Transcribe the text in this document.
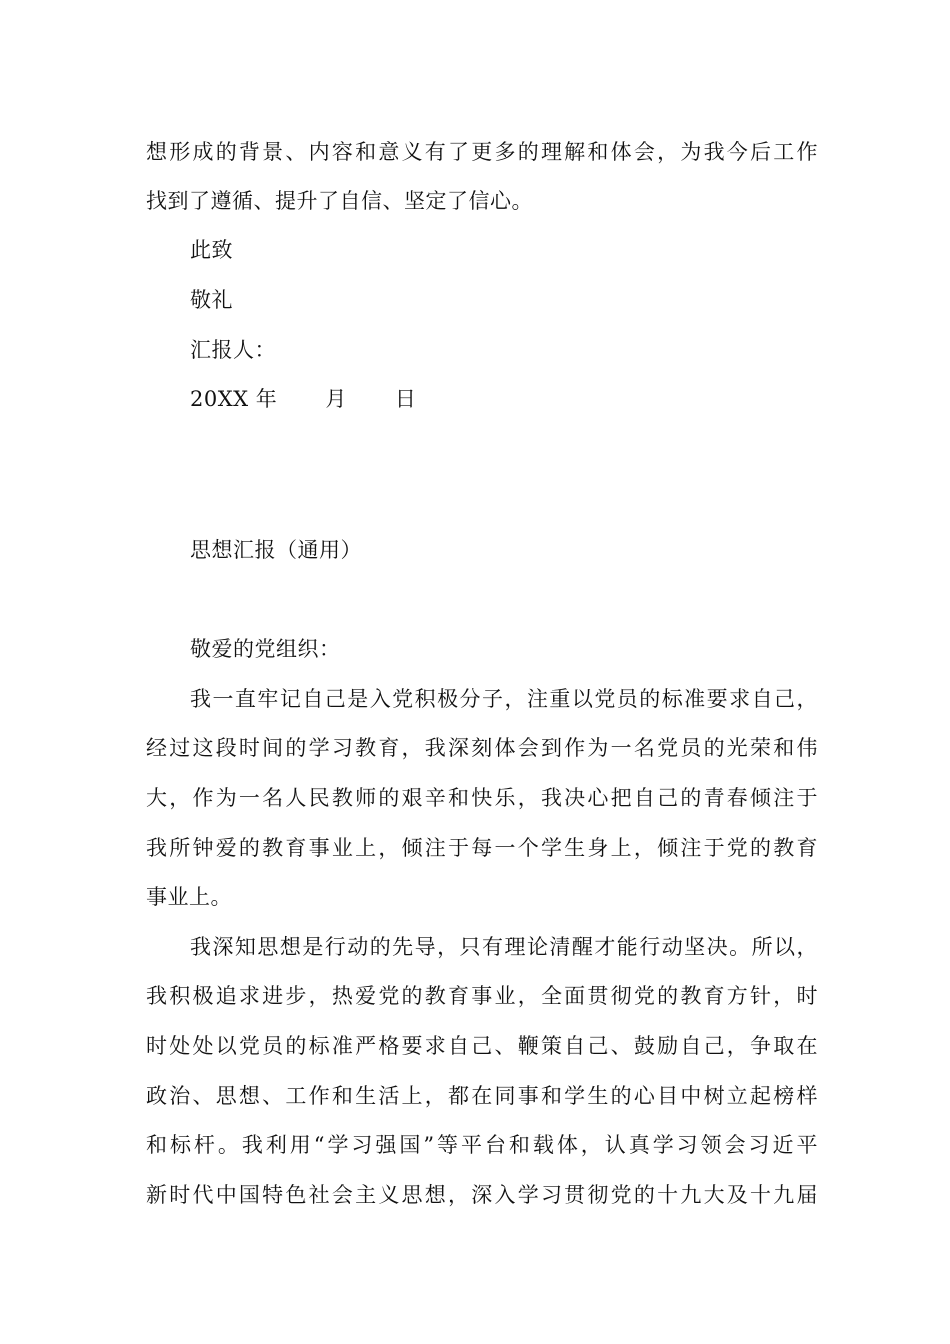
想形成的背景、内容和意义有了更多的理解和体会，为我今后工作
找到了遵循、提升了自信、坚定了信心。
此致
敬礼
汇报人：
20XX 年 月 日
思想汇报（通用）
敬爱的党组织：
我一直牢记自己是入党积极分子，注重以党员的标准要求自己，
经过这段时间的学习教育，我深刻体会到作为一名党员的光荣和伟
大，作为一名人民教师的艰辛和快乐，我决心把自己的青春倾注于
我所钟爱的教育事业上，倾注于每一个学生身上，倾注于党的教育
事业上。
我深知思想是行动的先导，只有理论清醒才能行动坚决。所以，
我积极追求进步，热爱党的教育事业，全面贯彻党的教育方针，时
时处处以党员的标准严格要求自己、鞭策自己、鼓励自己，争取在
政治、思想、工作和生活上，都在同事和学生的心目中树立起榜样
和标杆。我利用“学习强国”等平台和载体，认真学习领会习近平
新时代中国特色社会主义思想，深入学习贯彻党的十九大及十九届
